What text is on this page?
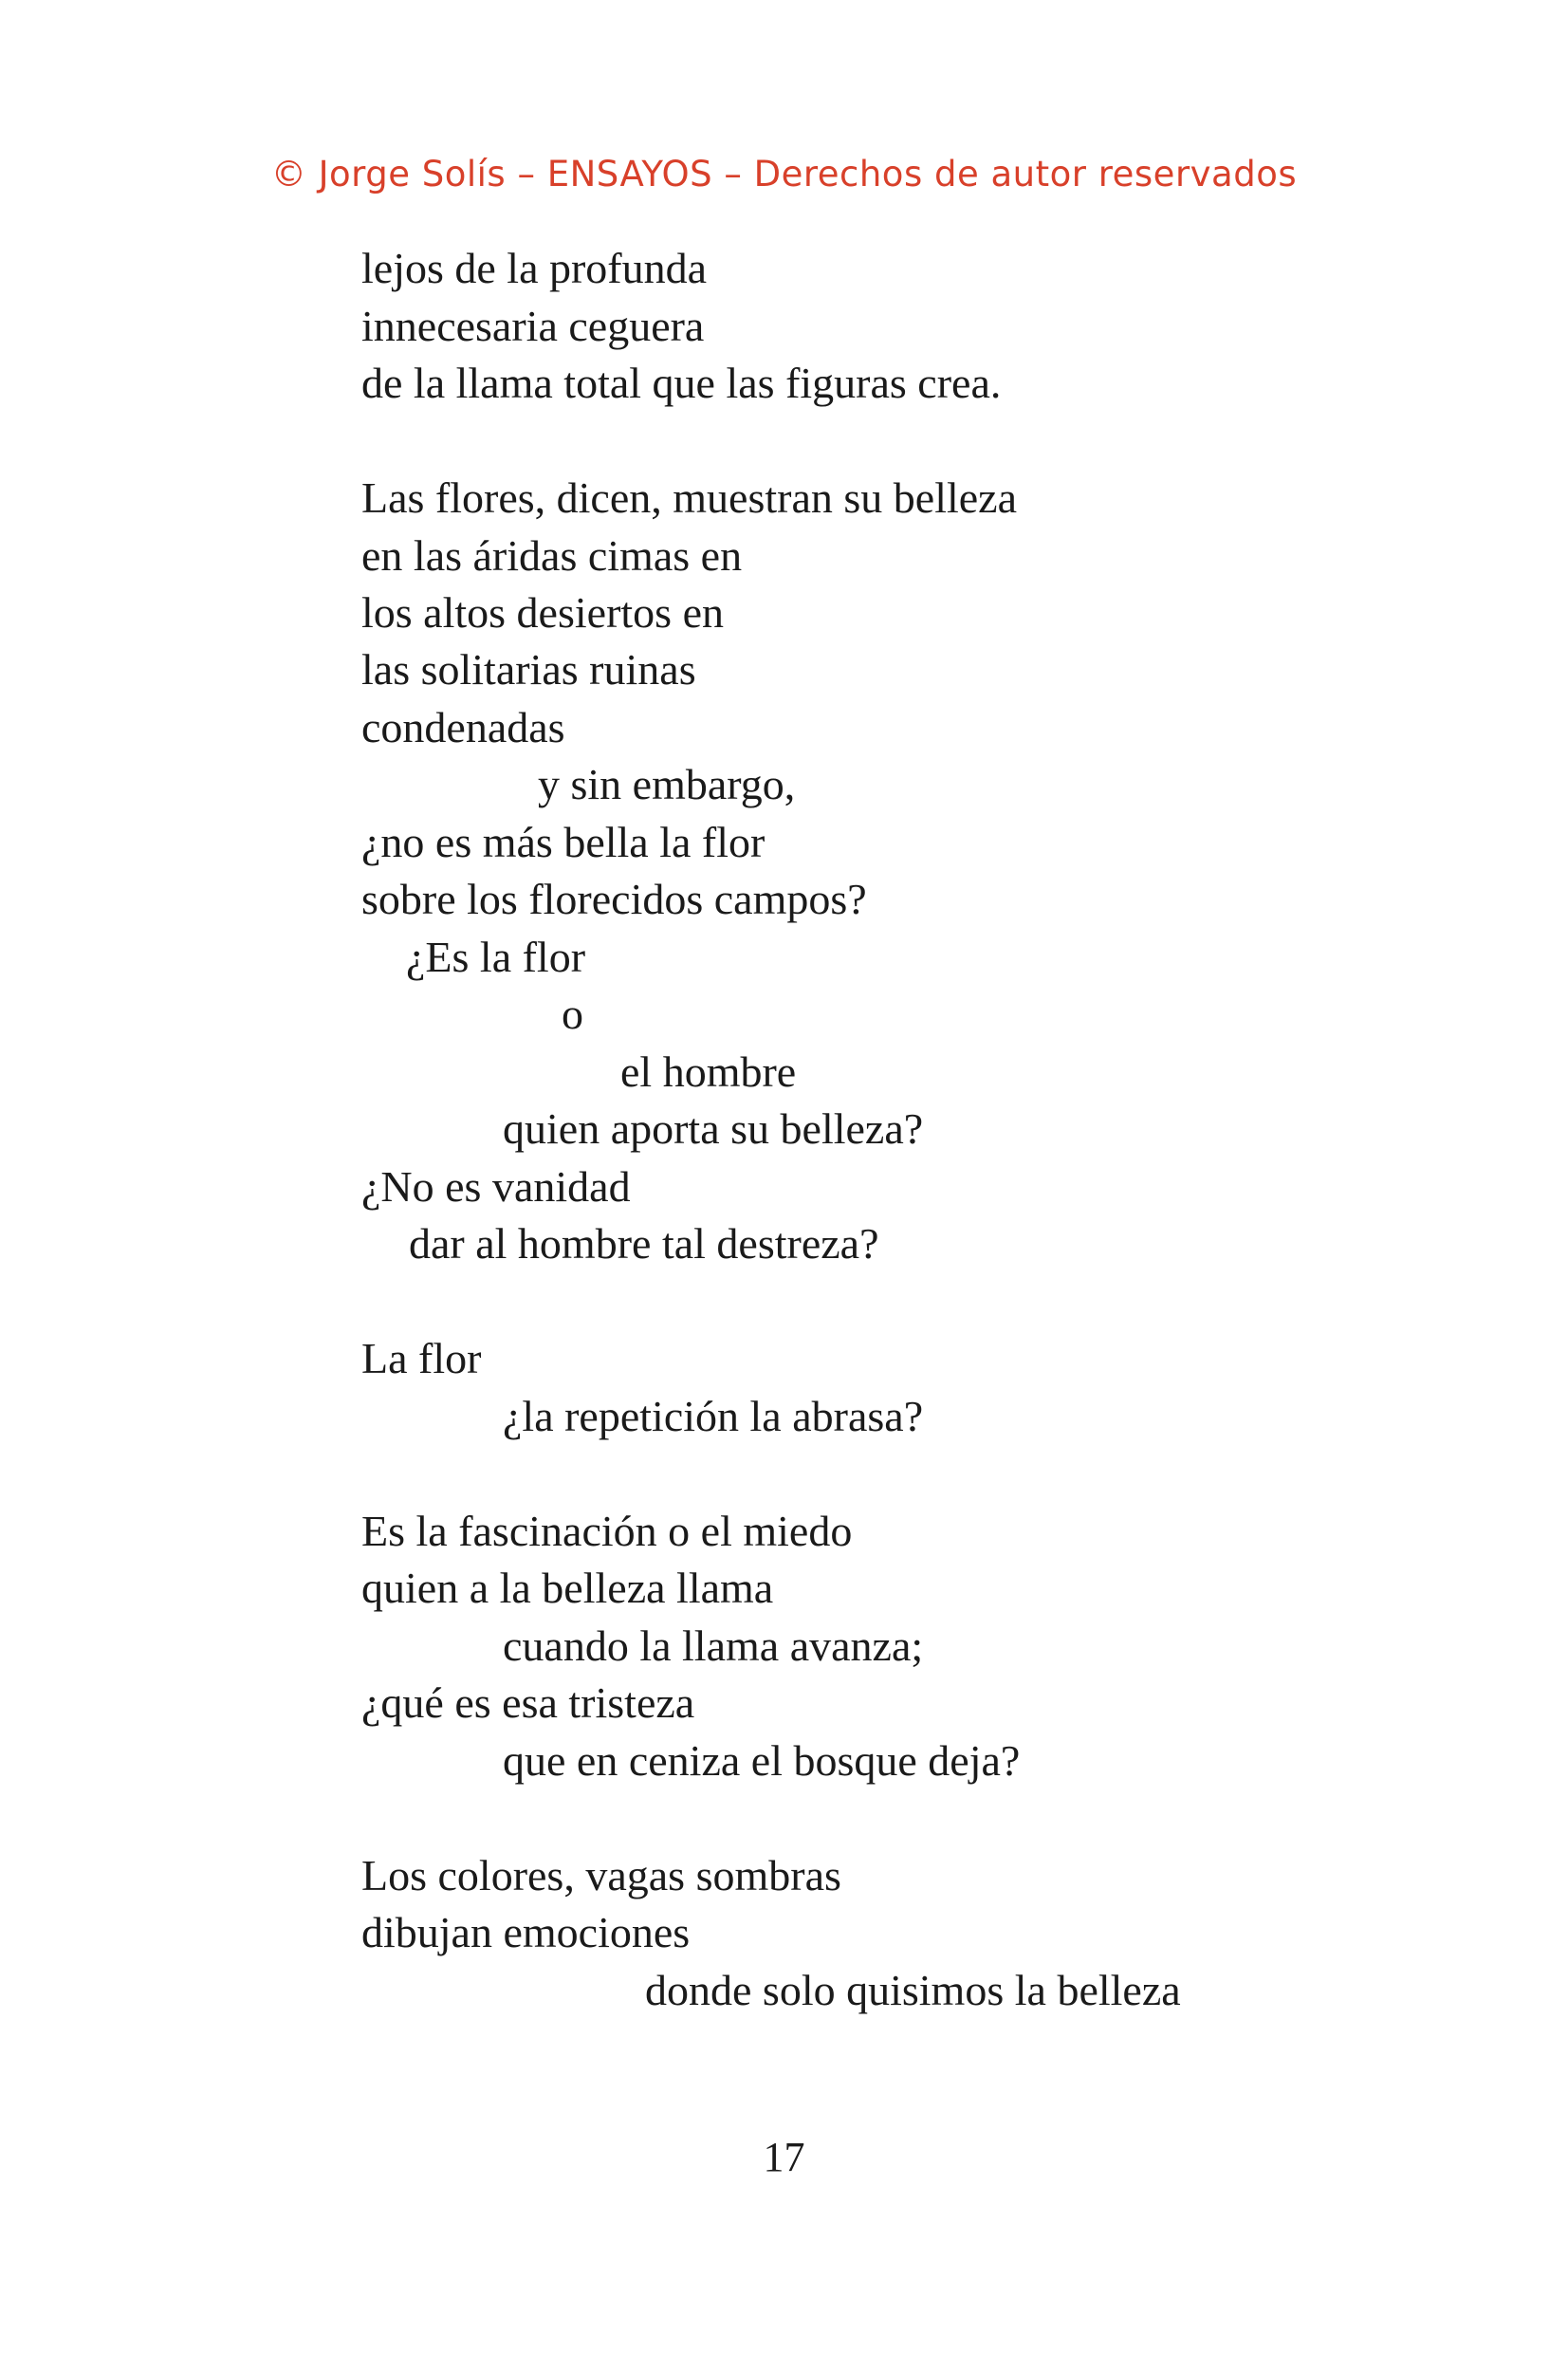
© Jorge Solís – ENSAYOS – Derechos de autor reservados
lejos de la profunda
innecesaria ceguera
de la llama total que las figuras crea.
Las flores, dicen, muestran su belleza
en las áridas cimas en
los altos desiertos en
las solitarias ruinas
condenadas
y sin embargo,
¿no es más bella la flor
sobre los florecidos campos?
¿Es la flor
o
el hombre
quien aporta su belleza?
¿No es vanidad
dar al hombre tal destreza?
La flor
¿la repetición la abrasa?
Es la fascinación o el miedo
quien a la belleza llama
cuando la llama avanza;
¿qué es esa tristeza
que en ceniza el bosque deja?
Los colores, vagas sombras
dibujan emociones
donde solo quisimos la belleza
17
